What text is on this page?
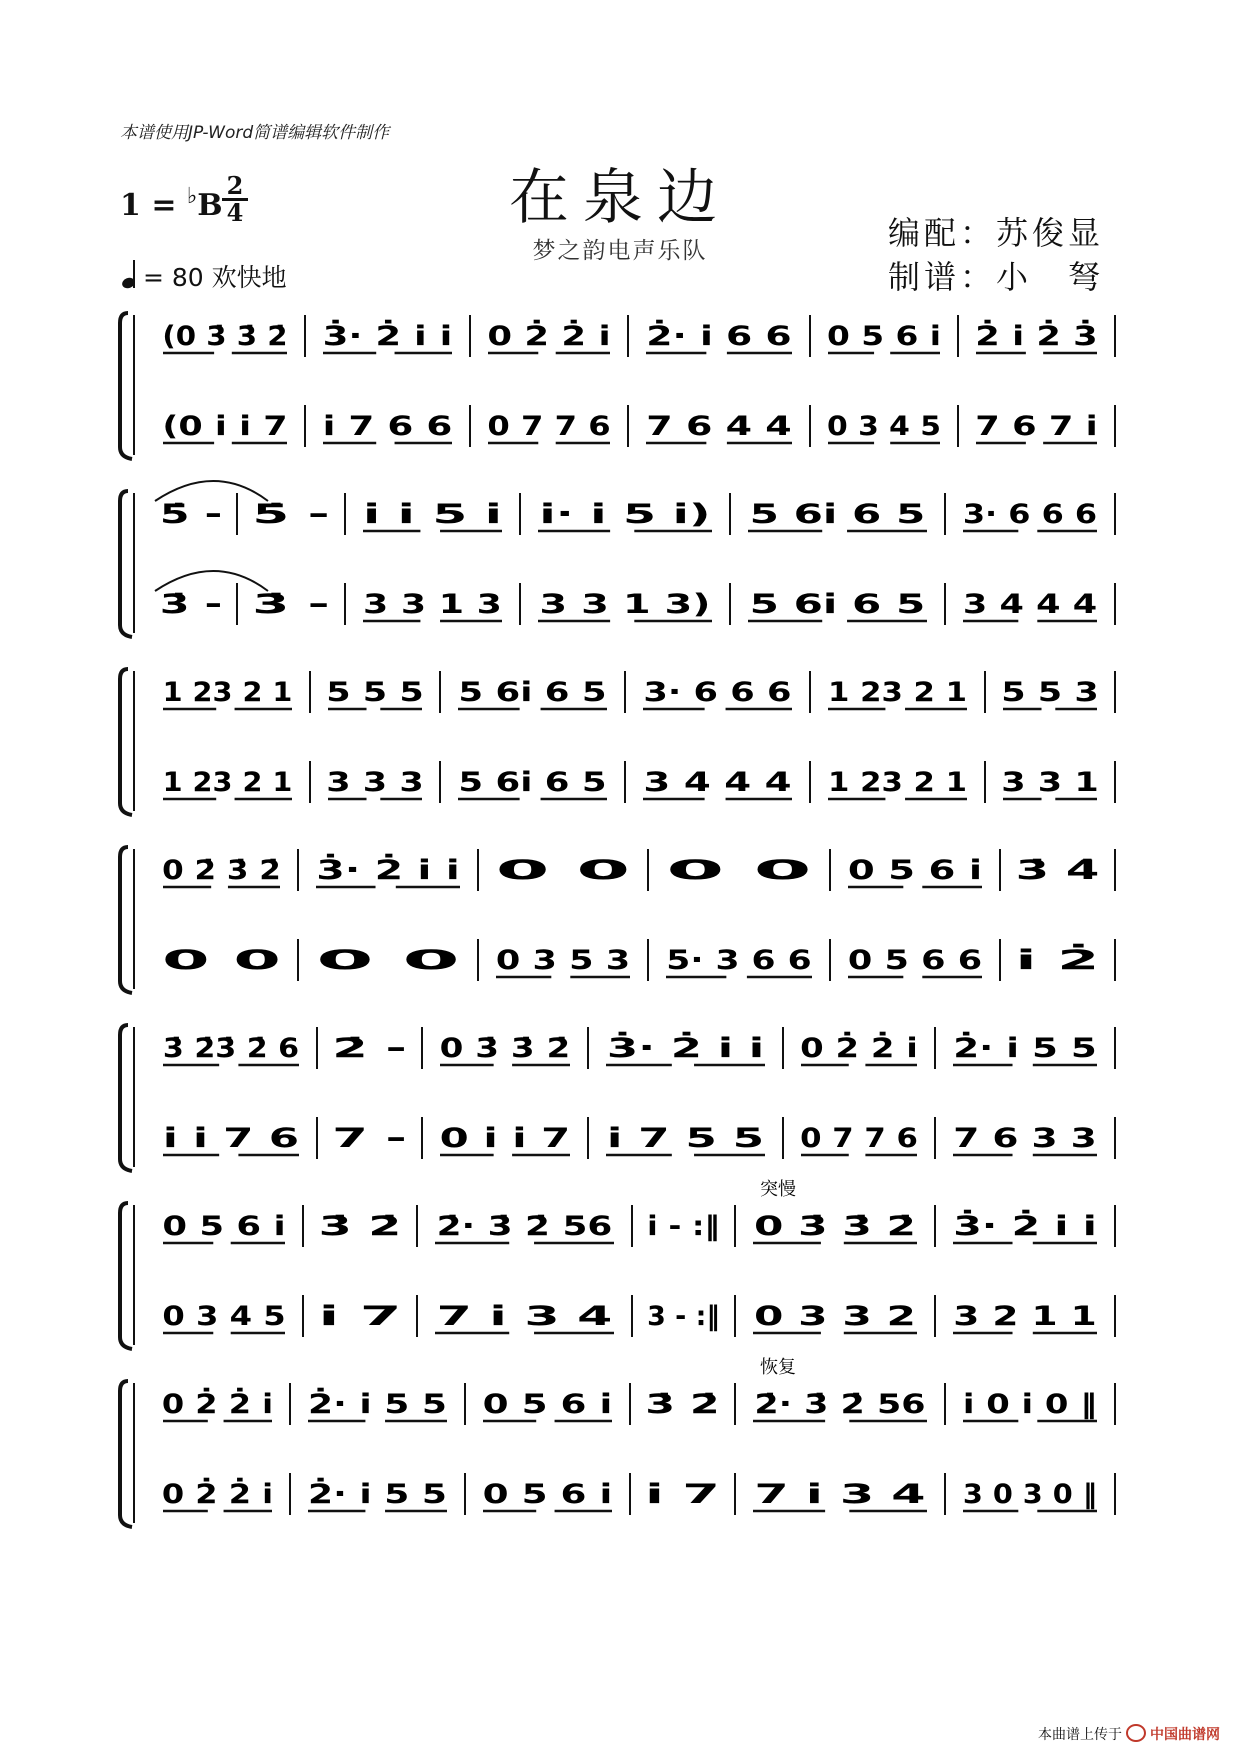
本谱使用JP-Word简谱编辑软件制作
在泉边
梦之韵电声乐队
$1 = ^♭B \frac{2}{4}$
= 80 欢快地
编配：苏俊显
制谱：小　弩
本曲谱上传于 中国曲谱网
(0 3̇ 3̇ 2̇
(0 i i 7
3̇· 2̇ i i
i 7 6 6
0 2̇ 2̇ i
0 7 7 6
2̇· i 6 6
7 6 4 4
0 5 6 i
0 3 4 5
2̇ i 2̇ 3̇
7 6 7 i
5̇ -
3̇ -
5̇ -
3̇ -
i i 5 i
3 3 1 3
i· i 5 i)
3 3 1 3)
5 6i 6 5
5 6i 6 5
3· 6 6 6
3 4 4 4
1 23 2 1
1 23 2 1
5 5 5
3 3 3
5 6i 6 5
5 6i 6 5
3· 6 6 6
3 4 4 4
1 23 2 1
1 23 2 1
5 5 3
3 3 1
0 2̇ 3̇ 2̇
0 0
3̇· 2̇ i i
0 0
0 0
0 3 5 3
0 0
5· 3 6 6
0 5 6 i
0 5 6 6
3̇ 4̇
i 2̇
3̇ 2̇3̇ 2̇ 6
i i 7 6
2̇ -
7 -
0 3̇ 3̇ 2̇
0 i i 7
3̇· 2̇ i i
i 7 5 5
0 2̇ 2̇ i
0 7 7 6
2̇· i 5 5
7 6 3 3
0 5 6 i
0 3 4 5
3̇ 2̇
i 7
2̇· 3̇ 2̇ 56
7 i 3 4
i - :‖
3 - :‖
0 3̇ 3̇ 2̇
0 3 3 2
3̇· 2̇ i i
3 2 1 1
突慢
0 2̇ 2̇ i
0 2̇ 2̇ i
2̇· i 5 5
2̇· i 5 5
0 5 6 i
0 5 6 i
3̇ 2̇
i 7
2̇· 3̇ 2̇ 56
7 i 3 4
i 0 i 0 ‖
3 0 3 0 ‖
恢复
